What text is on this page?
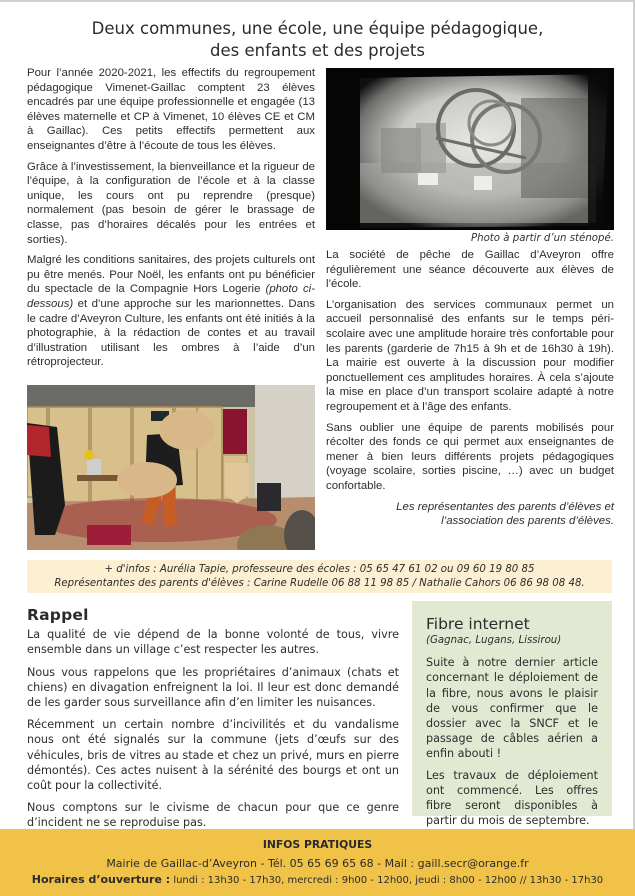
Deux communes, une école, une équipe pédagogique,
des enfants et des projets

Pour l’année 2020-2021, les effectifs du regroupement pédagogique Vimenet-Gaillac comptent 23 élèves encadrés par une équipe professionnelle et engagée (13 élèves maternelle et CP à Vimenet, 10 élèves CE et CM à Gaillac). Ces petits effectifs permettent aux enseignantes d’être à l’écoute de tous les élèves.

Grâce à l’investissement, la bienveillance et la rigueur de l’équipe, à la configuration de l’école et à la classe unique, les cours ont pu reprendre (presque) normalement (pas besoin de gérer le brassage de classe, pas d’horaires décalés pour les entrées et sorties).

Malgré les conditions sanitaires, des projets culturels ont pu être menés. Pour Noël, les enfants ont pu bénéficier du spectacle de la Compagnie Hors Logerie (photo ci-dessous) et d’une approche sur les marionnettes. Dans le cadre d’Aveyron Culture, les enfants ont été initiés à la photographie, à la rédaction de contes et au travail d’illustration utilisant les ombres à l’aide d’un rétroprojecteur.

Photo à partir d’un sténopé.

La société de pêche de Gaillac d’Aveyron offre régulièrement une séance découverte aux élèves de l’école.

L’organisation des services communaux permet un accueil personnalisé des enfants sur le temps péri-scolaire avec une amplitude horaire très confortable pour les parents (garderie de 7h15 à 9h et de 16h30 à 19h). La mairie est ouverte à la discussion pour modifier ponctuellement ces amplitudes horaires. À cela s’ajoute la mise en place d’un transport scolaire adapté à notre regroupement et à l’âge des enfants.

Sans oublier une équipe de parents mobilisés pour récolter des fonds ce qui permet aux enseignantes de mener à bien leurs différents projets pédagogiques (voyage scolaire, sorties piscine, …) avec un budget confortable.

Les représentantes des parents d’élèves et
l’association des parents d’élèves.
+ d'infos : Aurélia Tapie, professeure des écoles : 05 65 47 61 02 ou 09 60 19 80 85
Représentantes des parents d'élèves : Carine Rudelle 06 88 11 98 85 / Nathalie Cahors 06 86 98 08 48.
Rappel

La qualité de vie dépend de la bonne volonté de tous, vivre ensemble dans un village c’est respecter les autres.

Nous vous rappelons que les propriétaires d’animaux (chats et chiens) en divagation enfreignent la loi. Il leur est donc demandé de les garder sous surveillance afin d’en limiter les nuisances.

Récemment un certain nombre d’incivilités et du vandalisme nous ont été signalés sur la commune (jets d’œufs sur des véhicules, bris de vitres au stade et chez un privé, murs en pierre démontés). Ces actes nuisent à la sérénité des bourgs et ont un coût pour la collectivité.

Nous comptons sur le civisme de chacun pour que ce genre d’incident ne se reproduise pas.

Fibre internet
(Gagnac, Lugans, Lissirou)

Suite à notre dernier article concernant le déploiement de la fibre, nous avons le plaisir de vous confirmer que le dossier avec la SNCF et le passage de câbles aérien a enfin abouti !

Les travaux de déploiement ont commencé. Les offres fibre seront disponibles à partir du mois de septembre.

INFOS PRATIQUES
Mairie de Gaillac-d’Aveyron - Tél. 05 65 69 65 68 - Mail : gaill.secr@orange.fr
Horaires d’ouverture : lundi : 13h30 - 17h30, mercredi : 9h00 - 12h00, jeudi : 8h00 - 12h00 // 13h30 - 17h30
